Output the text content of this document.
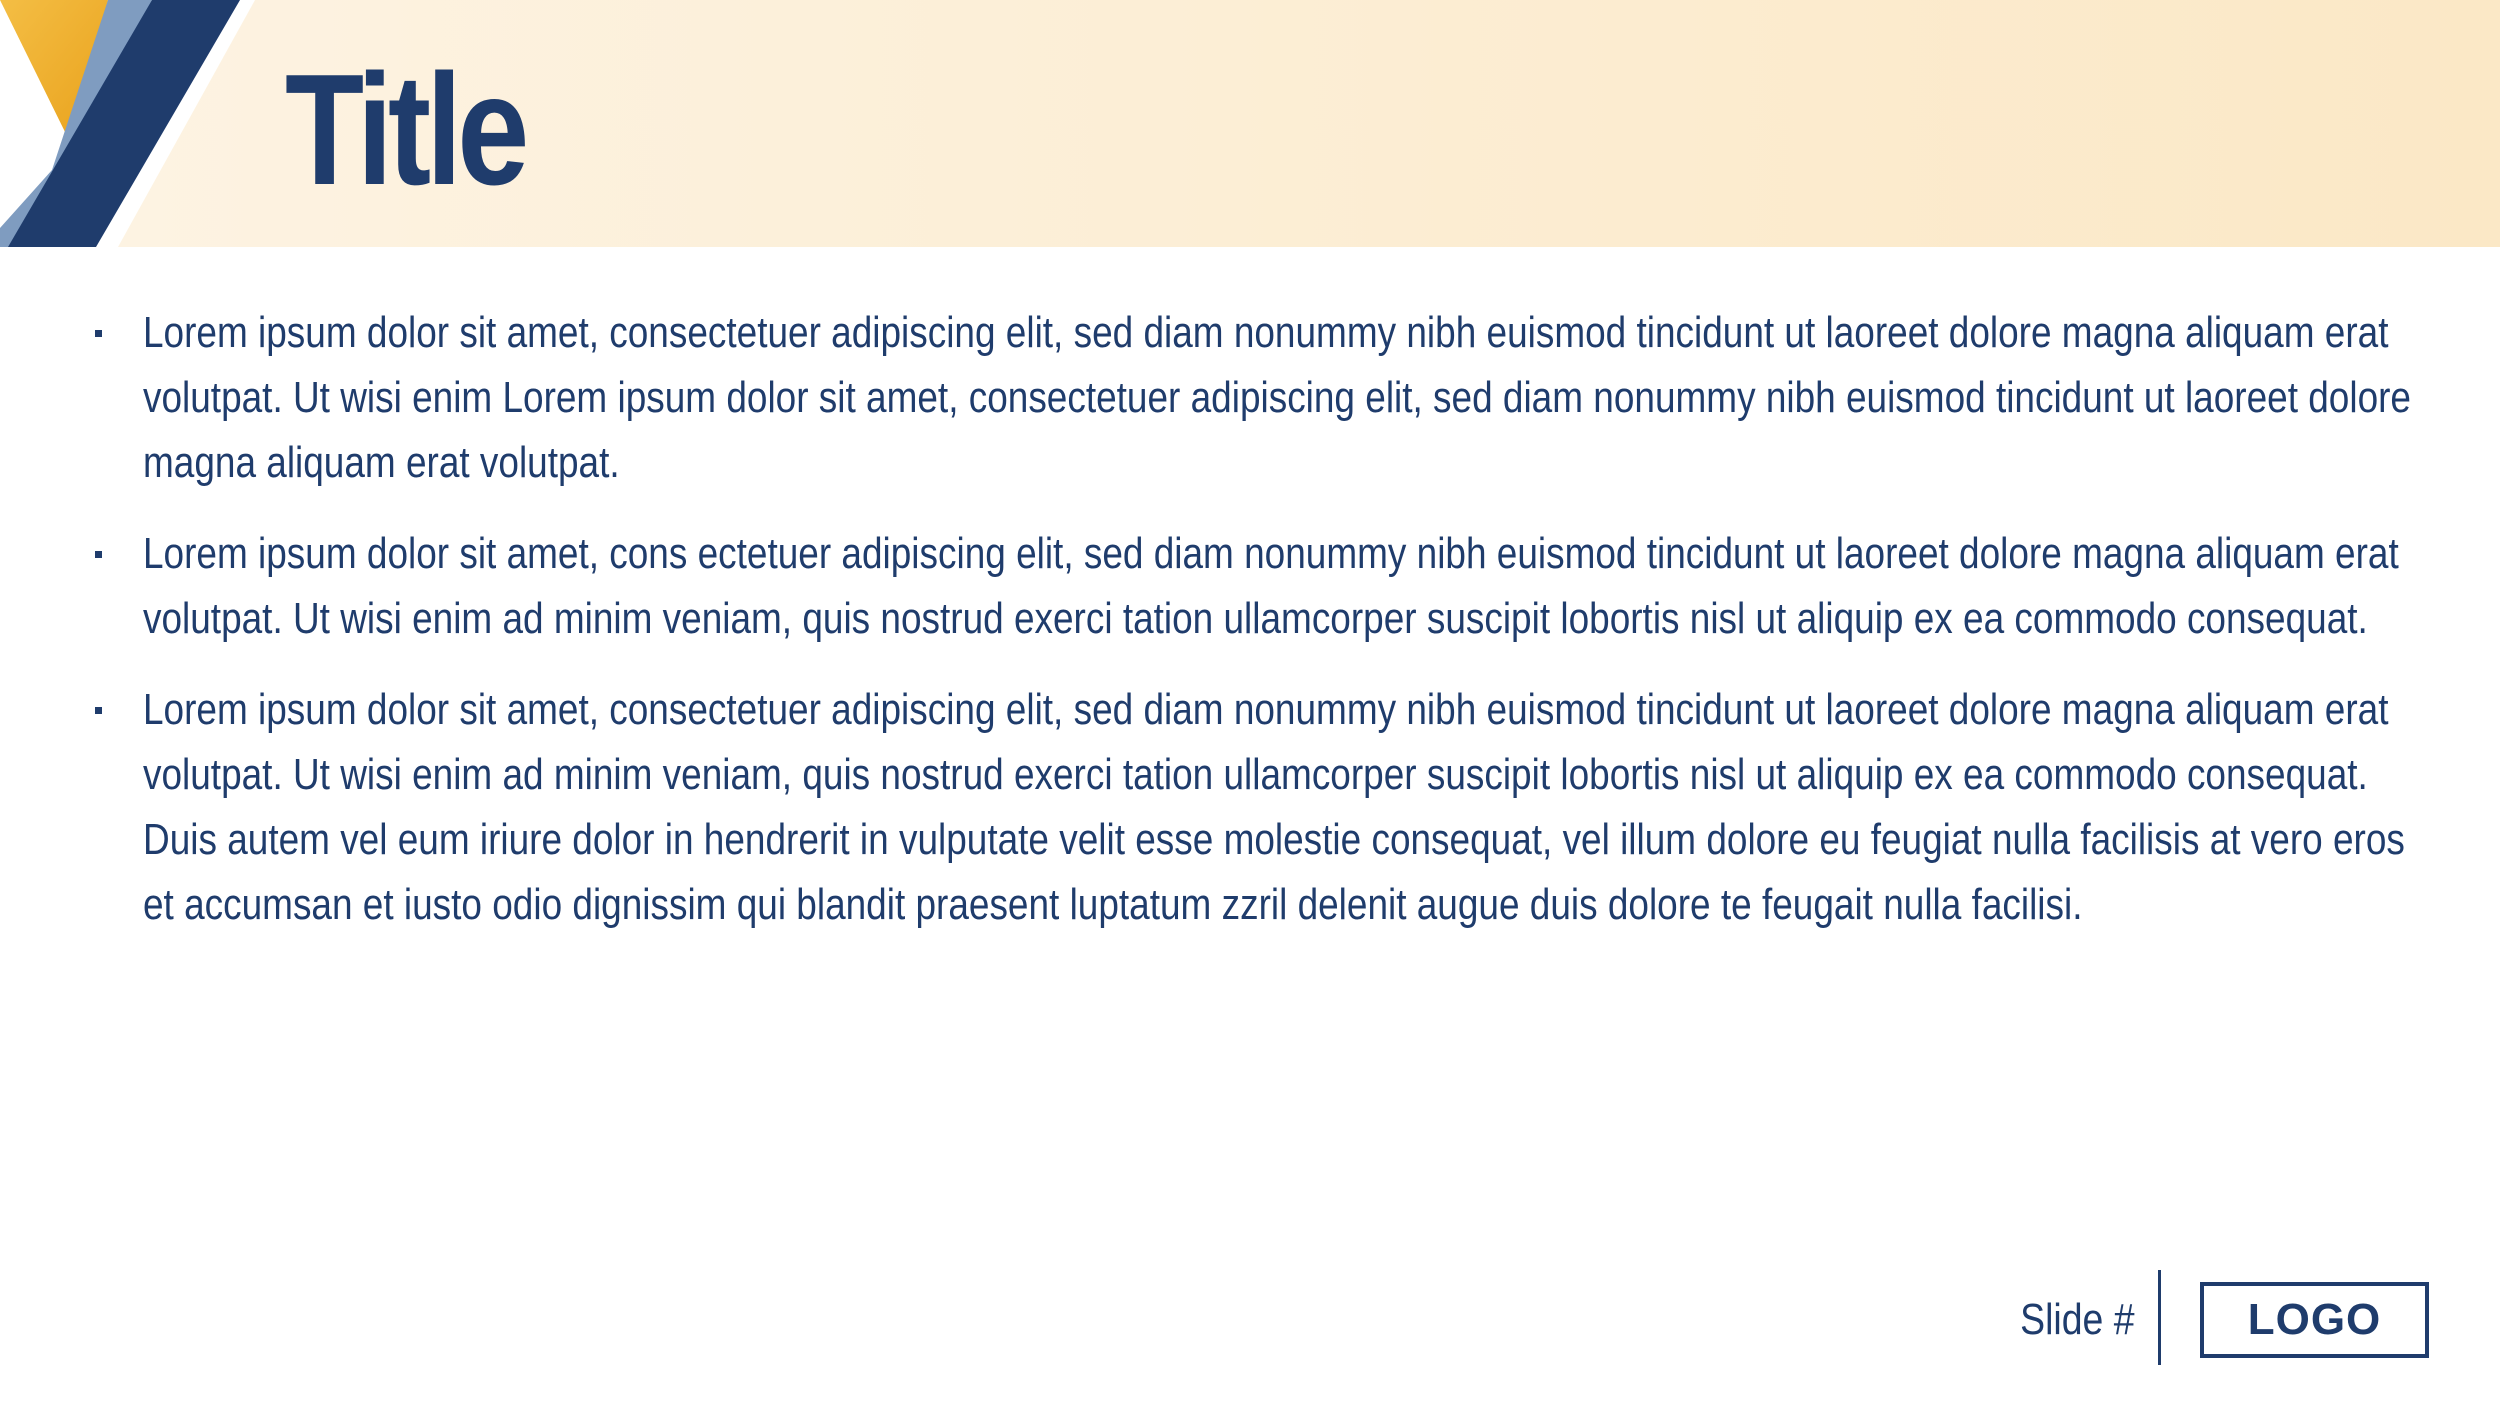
Title
Lorem ipsum dolor sit amet, consectetuer adipiscing elit, sed diam nonummy nibh euismod tincidunt ut laoreet dolore magna aliquam erat volutpat. Ut wisi enim Lorem ipsum dolor sit amet, consectetuer adipiscing elit, sed diam nonummy nibh euismod tincidunt ut laoreet dolore magna aliquam erat volutpat.
Lorem ipsum dolor sit amet, cons ectetuer adipiscing elit, sed diam nonummy nibh euismod tincidunt ut laoreet dolore magna aliquam erat volutpat. Ut wisi enim ad minim veniam, quis nostrud exerci tation ullamcorper suscipit lobortis nisl ut aliquip ex ea commodo consequat.
Lorem ipsum dolor sit amet, consectetuer adipiscing elit, sed diam nonummy nibh euismod tincidunt ut laoreet dolore magna aliquam erat volutpat. Ut wisi enim ad minim veniam, quis nostrud exerci tation ullamcorper suscipit lobortis nisl ut aliquip ex ea commodo consequat. Duis autem vel eum iriure dolor in hendrerit in vulputate velit esse molestie consequat, vel illum dolore eu feugiat nulla facilisis at vero eros et accumsan et iusto odio dignissim qui blandit praesent luptatum zzril delenit augue duis dolore te feugait nulla facilisi.
Slide #	LOGO
